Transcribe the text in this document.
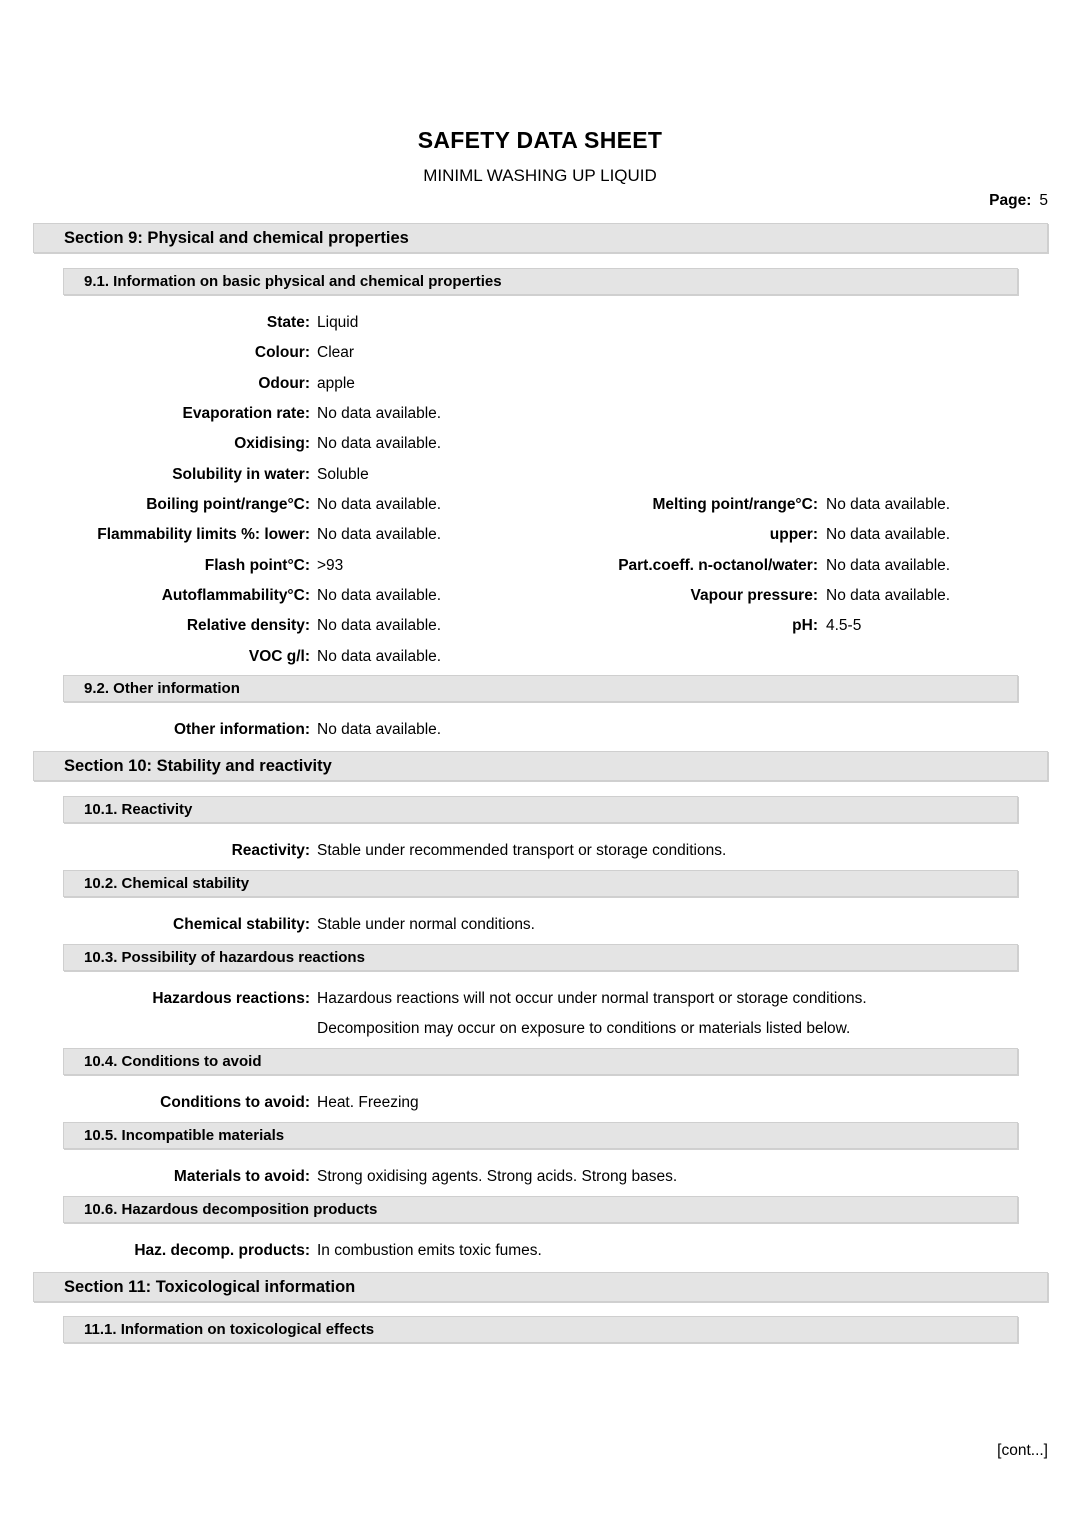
SAFETY DATA SHEET
MINIML WASHING UP LIQUID
Page: 5
Section 9: Physical and chemical properties
9.1. Information on basic physical and chemical properties
State: Liquid
Colour: Clear
Odour: apple
Evaporation rate: No data available.
Oxidising: No data available.
Solubility in water: Soluble
Boiling point/range°C: No data available.
Flammability limits %: lower: No data available.
Flash point°C: >93
Autoflammability°C: No data available.
Relative density: No data available.
VOC g/l: No data available.
Melting point/range°C: No data available.
upper: No data available.
Part.coeff. n-octanol/water: No data available.
Vapour pressure: No data available.
pH: 4.5-5
9.2. Other information
Other information: No data available.
Section 10: Stability and reactivity
10.1. Reactivity
Reactivity: Stable under recommended transport or storage conditions.
10.2. Chemical stability
Chemical stability: Stable under normal conditions.
10.3. Possibility of hazardous reactions
Hazardous reactions: Hazardous reactions will not occur under normal transport or storage conditions.
Decomposition may occur on exposure to conditions or materials listed below.
10.4. Conditions to avoid
Conditions to avoid: Heat. Freezing
10.5. Incompatible materials
Materials to avoid: Strong oxidising agents. Strong acids. Strong bases.
10.6. Hazardous decomposition products
Haz. decomp. products: In combustion emits toxic fumes.
Section 11: Toxicological information
11.1. Information on toxicological effects
[cont...]
